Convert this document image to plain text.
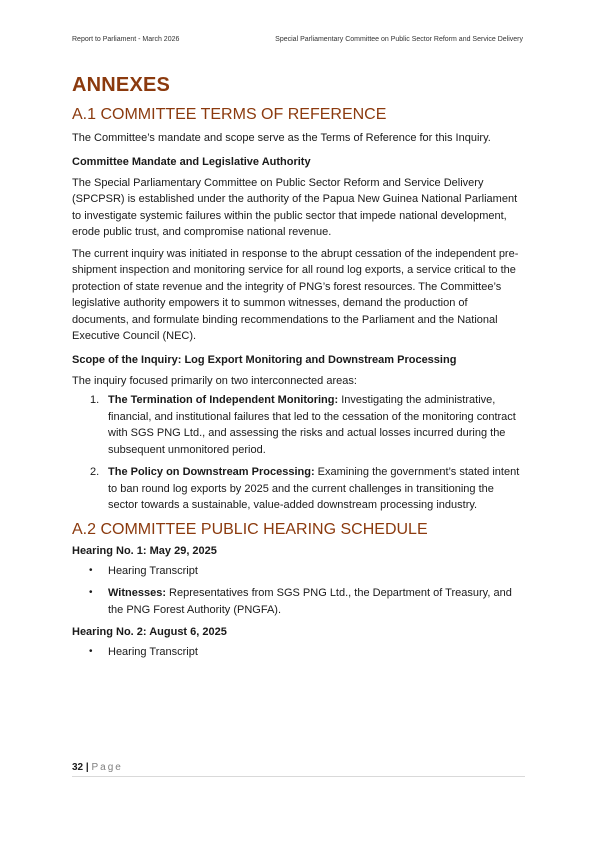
Report to Parliament - March 2026	Special Parliamentary Committee on Public Sector Reform and Service Delivery
ANNEXES
A.1 COMMITTEE TERMS OF REFERENCE

The Committee’s mandate and scope serve as the Terms of Reference for this Inquiry.

Committee Mandate and Legislative Authority

The Special Parliamentary Committee on Public Sector Reform and Service Delivery (SPCPSR) is established under the authority of the Papua New Guinea National Parliament to investigate systemic failures within the public sector that impede national development, erode public trust, and compromise national revenue.

The current inquiry was initiated in response to the abrupt cessation of the independent pre-shipment inspection and monitoring service for all round log exports, a service critical to the protection of state revenue and the integrity of PNG’s forest resources. The Committee’s legislative authority empowers it to summon witnesses, demand the production of documents, and formulate binding recommendations to the Parliament and the National Executive Council (NEC).

Scope of the Inquiry: Log Export Monitoring and Downstream Processing

The inquiry focused primarily on two interconnected areas:

1. The Termination of Independent Monitoring: Investigating the administrative, financial, and institutional failures that led to the cessation of the monitoring contract with SGS PNG Ltd., and assessing the risks and actual losses incurred during the subsequent unmonitored period.
2. The Policy on Downstream Processing: Examining the government’s stated intent to ban round log exports by 2025 and the current challenges in transitioning the sector towards a sustainable, value-added downstream processing industry.
A.2 COMMITTEE PUBLIC HEARING SCHEDULE
Hearing No. 1: May 29, 2025
• Hearing Transcript
• Witnesses: Representatives from SGS PNG Ltd., the Department of Treasury, and the PNG Forest Authority (PNGFA).
Hearing No. 2: August 6, 2025
• Hearing Transcript
32 | Page
